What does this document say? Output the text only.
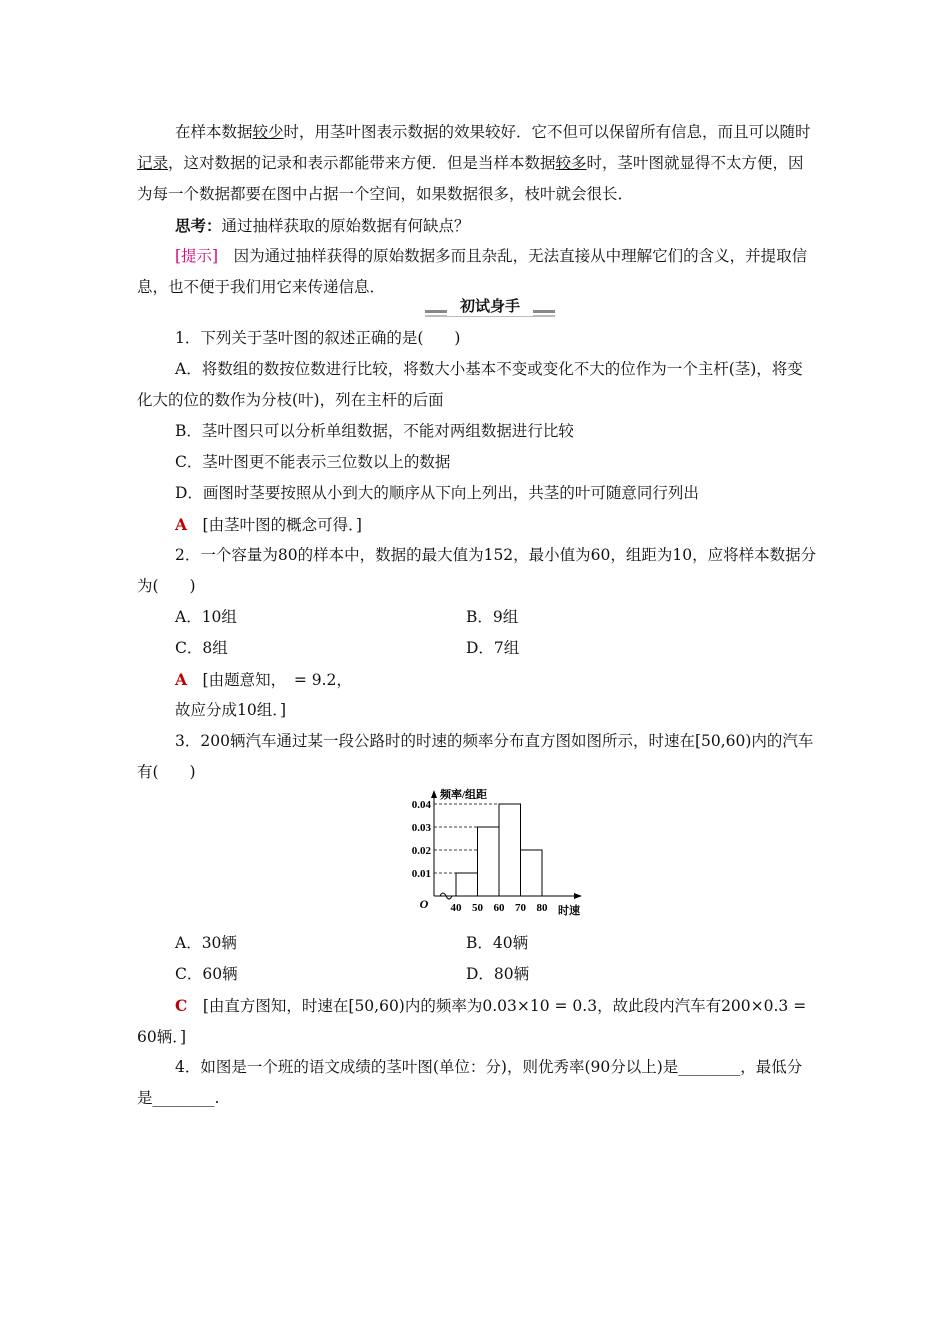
在样本数据较少时，用茎叶图表示数据的效果较好．它不但可以保留所有信息，而且可以随时记录，这对数据的记录和表示都能带来方便．但是当样本数据较多时，茎叶图就显得不太方便，因为每一个数据都要在图中占据一个空间，如果数据很多，枝叶就会很长．
思考：通过抽样获取的原始数据有何缺点？
[提示]　因为通过抽样获得的原始数据多而且杂乱，无法直接从中理解它们的含义，并提取信息，也不便于我们用它来传递信息．
初试身手
1．下列关于茎叶图的叙述正确的是(　　)
A．将数组的数按位数进行比较，将数大小基本不变或变化不大的位作为一个主杆(茎)，将变化大的位的数作为分枝(叶)，列在主杆的后面
B．茎叶图只可以分析单组数据，不能对两组数据进行比较
C．茎叶图更不能表示三位数以上的数据
D．画图时茎要按照从小到大的顺序从下向上列出，共茎的叶可随意同行列出
A　[由茎叶图的概念可得．]
2．一个容量为80的样本中，数据的最大值为152，最小值为60，组距为10，应将样本数据分为(　　)
A．10组	B．9组
C．8组	D．7组
A　[由题意知，　= 9.2，
故应分成10组．]
3．200辆汽车通过某一段公路时的时速的频率分布直方图如图所示，时速在[50,60)内的汽车有(　　)
0.01
0.02
0.03
0.04
40 50 60 70 80
O
频率/组距
时速
A．30辆	B．40辆
C．60辆	D．80辆
C　[由直方图知，时速在[50,60)内的频率为0.03×10 = 0.3，故此段内汽车有200×0.3 = 60辆．]
4．如图是一个班的语文成绩的茎叶图(单位：分)，则优秀率(90分以上)是________，最低分是________.
